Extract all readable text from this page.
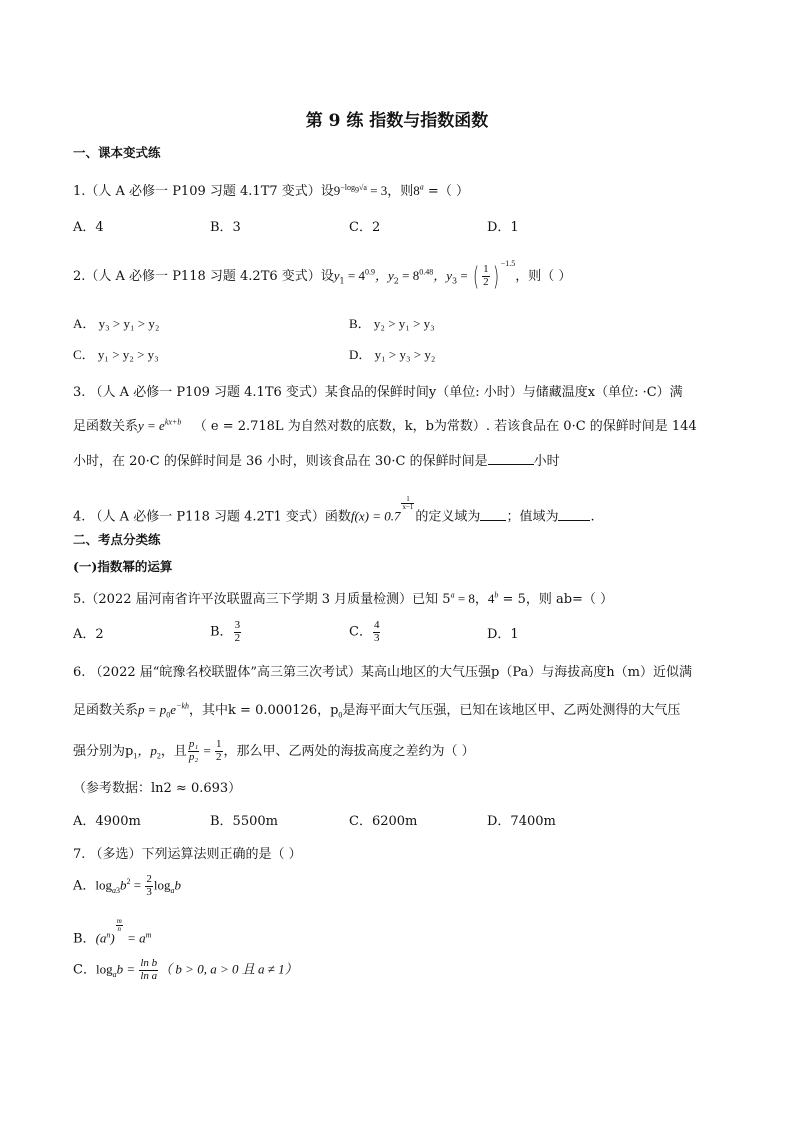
第 9 练 指数与指数函数
一、课本变式练
1.（人 A 必修一 P109 习题 4.1T7 变式）设$9^{-log_9√a} = 3$，则$8^a$ =（ ）
A．4	B．3	C．2	D．1
2.（人 A 必修一 P118 习题 4.2T6 变式）设$y_1 = 4^{0.9}$，$y_2 = 8^{0.48}$，$y_3$ = ( $\frac{1}{2}$ ) $^{-1.5}$，则（ ）
A． y₃ > y₁ > y₂	B． y₂ > y₁ > y₃
C． y₁ > y₂ > y₃	D． y₁ > y₃ > y₂
3. （人 A 必修一 P109 习题 4.1T6 变式）某食品的保鲜时间y（单位: 小时）与储藏温度x（单位: ·C）满
足函数关系$y = e^{kx+b}$ （ e = 2.718L 为自然对数的底数，k，b为常数）. 若该食品在 0·C 的保鲜时间是 144
小时，在 20·C 的保鲜时间是 36 小时，则该食品在 30·C 的保鲜时间是	小时
4. （人 A 必修一 P118 习题 4.2T1 变式）函数f(x) = 0.7
$^{\frac{1}{x-1}}$
的定义域为 ；值域为 .
二、考点分类练
(一)指数幂的运算
5.（2022 届河南省许平汝联盟高三下学期 3 月质量检测）已知 $5^a = 8$，$4^b = 5$，则 ab=（ ）
A．2	B． $\frac{3}{2}$	C． $\frac{4}{3}$	D．1
6. （2022 届“皖豫名校联盟体”高三第三次考试）某高山地区的大气压强p（Pa）与海拔高度h（m）近似满
足函数关系$p = p_0e^{-kh}$，其中k = 0.000126，$p_0$是海平面大气压强，已知在该地区甲、乙两处测得的大气压
强分别为$p_1$，$p_2$，且 $\frac{\text{p₁}}{\text{p₂}} = \frac{1}{2}$ ，那么甲、乙两处的海拔高度之差约为（ ）
（参考数据：ln2 ≈ 0.693）
A．4900m	B．5500m	C．6200m	D．7400m
7. （多选）下列运算法则正确的是（ ）
A．$\log_{a3}b^2 = \frac{2}{3} \log_ab$
B．$(a^n)$
$^{\frac{m}{n}}$
= $a^m$
C．$\log_ab = \frac{\text{ln b}}{\text{ln a}}$ （ b > 0, a > 0 且 a ≠ 1）
